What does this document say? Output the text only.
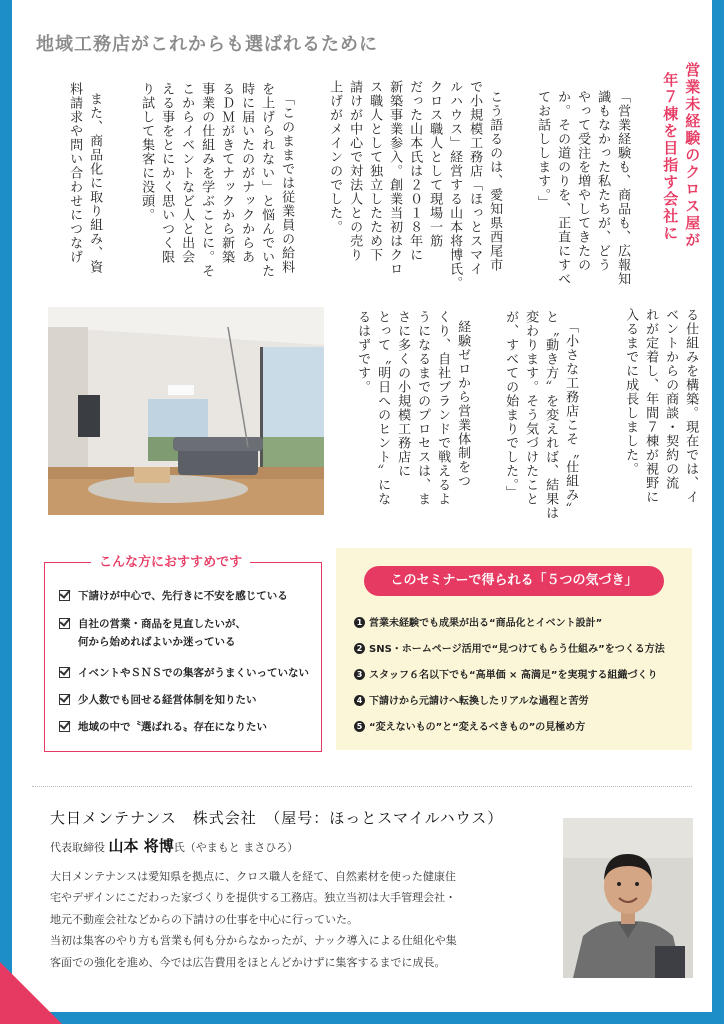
地域工務店がこれからも選ばれるために
営業未経験のクロス屋が
年７棟を目指す会社に
「営業経験も、商品も、広報知
識もなかった私たちが、どう
やって受注を増やしてきたの
か。その道のりを、正直にすべ
てお話しします。」
こう語るのは、愛知県西尾市
で小規模工務店「ほっとスマイ
ルハウス」経営する山本将博氏。
クロス職人として現場一筋
だった山本氏は２０１８年に
新築事業参入。創業当初はクロ
ス職人として独立したため下
請けが中心で対法人との売り
上げがメインのでした。
「このままでは従業員の給料
を上げられない」と悩んでいた
時に届いたのがナックからあ
るＤＭがきてナックから新築
事業の仕組みを学ぶことに。そ
こからイベントなど人と出会
える事をとにかく思いつく限
り試して集客に没頭。
また、商品化に取り組み、資
料請求や問い合わせにつなげ
る仕組みを構築。現在では、イ
ベントからの商談・契約の流
れが定着し、年間７棟が視野に
入るまでに成長しました。
「小さな工務店こそ〝仕組み〟
と〝動き方〟を変えれば、結果は
変わります。そう気づけたこと
が、すべての始まりでした。」
経験ゼロから営業体制をつ
くり、自社ブランドで戦えるよ
うになるまでのプロセスは、ま
さに多くの小規模工務店に
とって〝明日へのヒント〟にな
るはずです。
こんな方におすすめです
下請けが中心で、先行きに不安を感じている
自社の営業・商品を見直したいが、
何から始めればよいか迷っている
イベントやＳＮＳでの集客がうまくいっていない
少人数でも回せる経営体制を知りたい
地域の中で〝選ばれる〟存在になりたい
このセミナーで得られる「５つの気づき」
1 営業未経験でも成果が出る“商品化とイベント設計”
2 SNS・ホームページ活用で“見つけてもらう仕組み”をつくる方法
3 スタッフ６名以下でも“高単価 × 高満足”を実現する組織づくり
4 下請けから元請けへ転換したリアルな過程と苦労
5 “変えないもの”と“変えるべきもの”の見極め方
大日メンテナンス　株式会社　（屋号：ほっとスマイルハウス）
代表取締役 山本 将博氏（やまもと まさひろ）
大日メンテナンスは愛知県を拠点に、クロス職人を経て、自然素材を使った健康住
宅やデザインにこだわった家づくりを提供する工務店。独立当初は大手管理会社・
地元不動産会社などからの下請けの仕事を中心に行っていた。
当初は集客のやり方も営業も何も分からなかったが、ナック導入による仕組化や集
客面での強化を進め、今では広告費用をほとんどかけずに集客するまでに成長。
